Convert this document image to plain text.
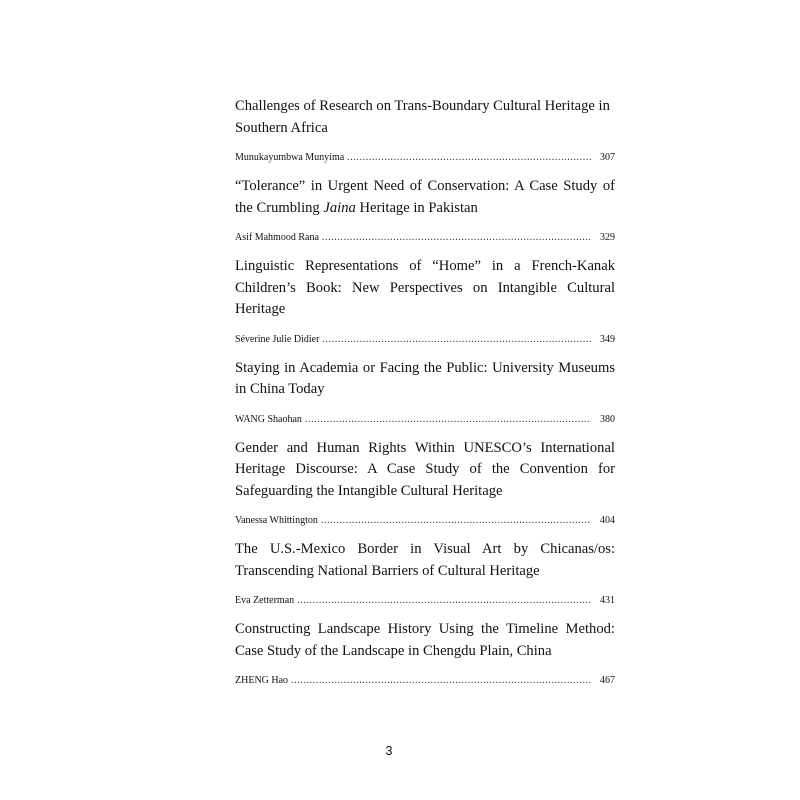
Challenges of Research on Trans-Boundary Cultural Heritage in Southern Africa

Munukayumbwa Munyima .....	307

“Tolerance” in Urgent Need of Conservation: A Case Study of the Crumbling Jaina Heritage in Pakistan

Asif Mahmood Rana .....	329

Linguistic Representations of “Home” in a French-Kanak Children’s Book: New Perspectives on Intangible Cultural Heritage

Séverine Julie Didier .....	349

Staying in Academia or Facing the Public: University Museums in China Today

WANG Shaohan .....	380

Gender and Human Rights Within UNESCO’s International Heritage Discourse: A Case Study of the Convention for Safeguarding the Intangible Cultural Heritage

Vanessa Whittington .....	404

The U.S.-Mexico Border in Visual Art by Chicanas/os: Transcending National Barriers of Cultural Heritage

Eva Zetterman .....	431

Constructing Landscape History Using the Timeline Method: Case Study of the Landscape in Chengdu Plain, China

ZHENG Hao .....	467
3
